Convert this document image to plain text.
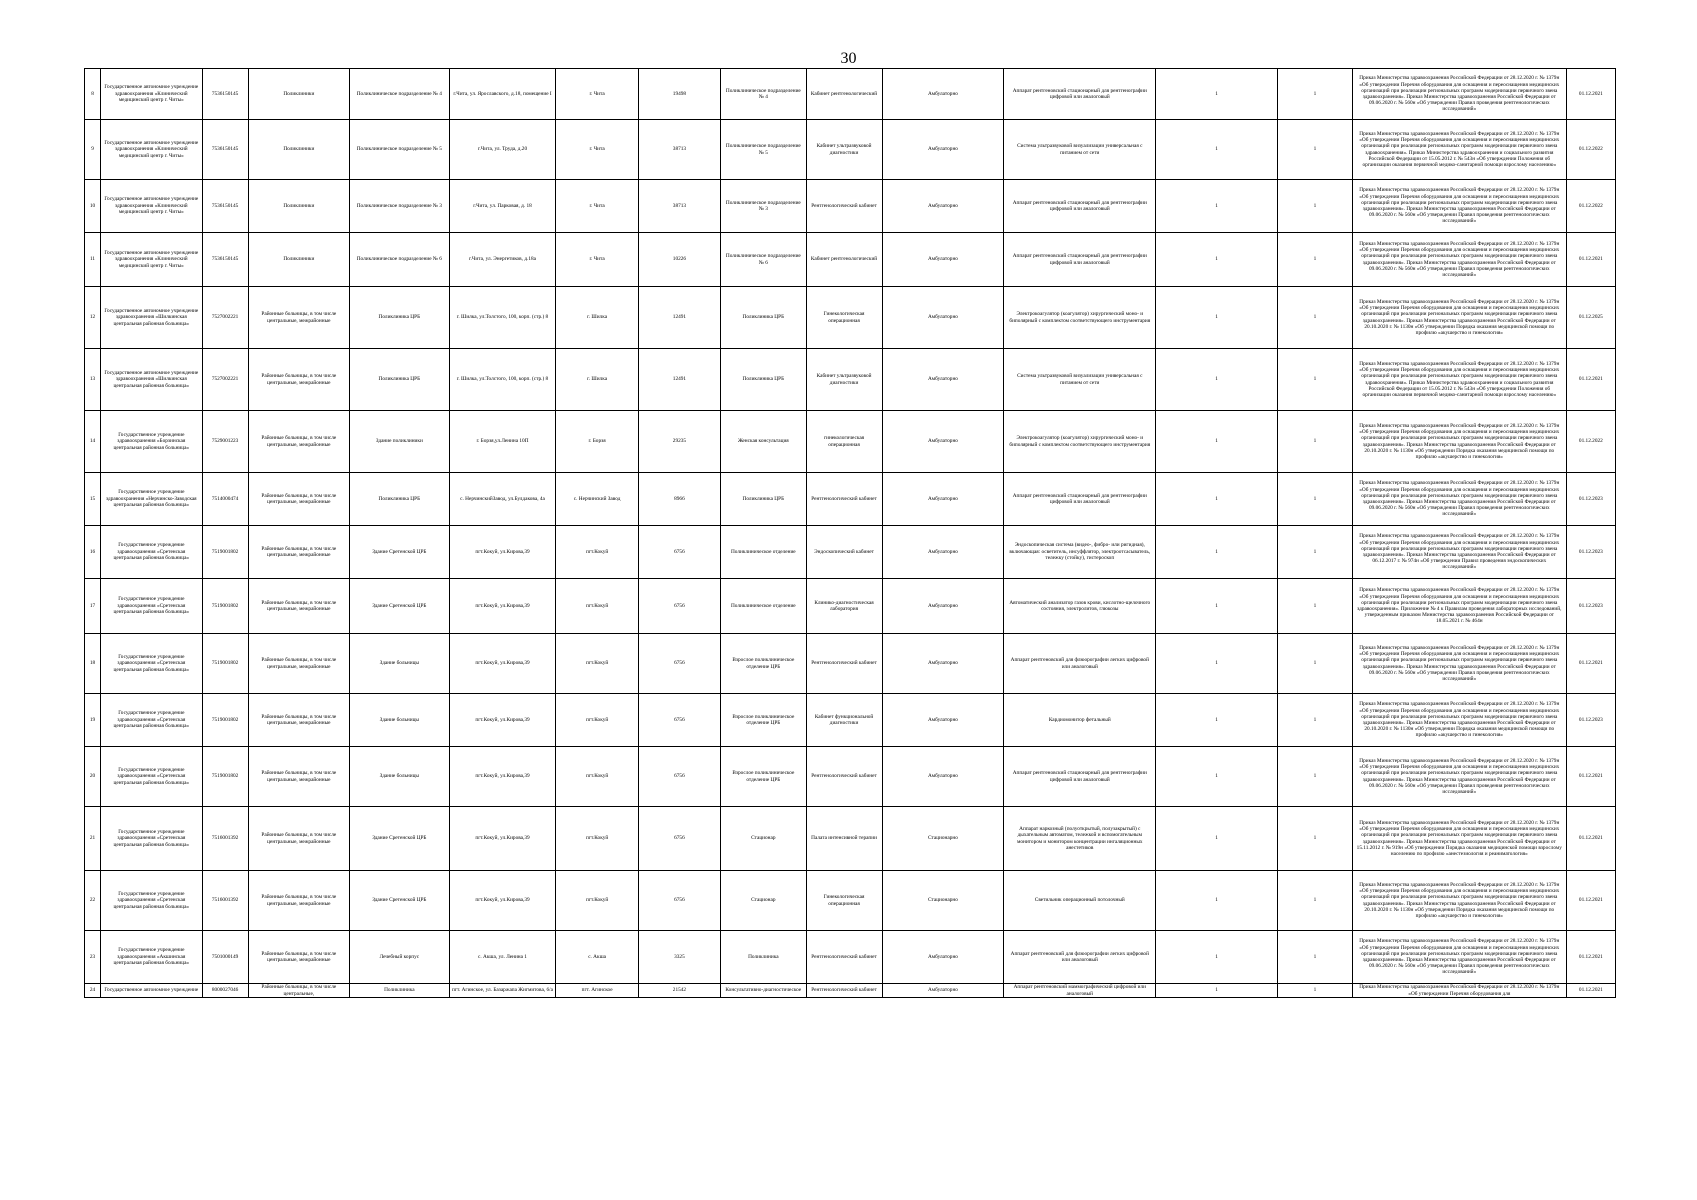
30
8	Государственное автономное учреждение здравоохранения «Клинический медицинский центр г. Читы»	7536150145	Поликлиники	Поликлиническое подразделение № 4	г.Чита, ул. Ярославского, д.18, помещение I	г. Чита	19498	Поликлиническое подразделение № 4	Кабинет рентгенологический	Амбулаторно	Аппарат рентгеновский стационарный для рентгенографии цифровой или аналоговый	1	1	Приказ Министерства здравоохранения Российской Федерации от 28.12.2020 г. № 1379н «Об утверждении Перечня оборудования для оснащения и переоснащения медицинских организаций при реализации региональных программ модернизации первичного звена здравоохранения». Приказ Министерства здравоохранения Российской Федерации от 09.06.2020 г. № 560н «Об утверждении Правил проведения рентгенологических исследований»	01.12.2021
9	Государственное автономное учреждение здравоохранения «Клинический медицинский центр г. Читы»	7536150145	Поликлиники	Поликлиническое подразделение № 5	г.Чита, ул. Труда, д.20	г. Чита	38713	Поликлиническое подразделение № 5	Кабинет ультразвуковой диагностики	Амбулаторно	Система ультразвуковой визуализации универсальная с питанием от сети	1	1	Приказ Министерства здравоохранения Российской Федерации от 28.12.2020 г. № 1379н «Об утверждении Перечня оборудования для оснащения и переоснащения медицинских организаций при реализации региональных программ модернизации первичного звена здравоохранения». Приказ Министерства здравоохранения и социального развития Российской Федерации от 15.05.2012 г. № 543н «Об утверждении Положения об организации оказания первичной медико-санитарной помощи взрослому населению»	01.12.2022
10	Государственное автономное учреждение здравоохранения «Клинический медицинский центр г. Читы»	7536150145	Поликлиники	Поликлиническое подразделение № 3	г.Чита, ул. Парковая, д. 18	г. Чита	38713	Поликлиническое подразделение № 3	Рентгенологический кабинет	Амбулаторно	Аппарат рентгеновский стационарный для рентгенографии цифровой или аналоговый	1	1	Приказ Министерства здравоохранения Российской Федерации от 28.12.2020 г. № 1379н «Об утверждении Перечня оборудования для оснащения и переоснащения медицинских организаций при реализации региональных программ модернизации первичного звена здравоохранения». Приказ Министерства здравоохранения Российской Федерации от 09.06.2020 г. № 560н «Об утверждении Правил проведения рентгенологических исследований»	01.12.2022
11	Государственное автономное учреждение здравоохранения «Клинический медицинский центр г. Читы»	7536150145	Поликлиники	Поликлиническое подразделение № 6	г.Чита, ул. Энергетиков, д.18а	г. Чита	10226	Поликлиническое подразделение № 6	Кабинет рентгенологический	Амбулаторно	Аппарат рентгеновский стационарный для рентгенографии цифровой или аналоговый	1	1	Приказ Министерства здравоохранения Российской Федерации от 28.12.2020 г. № 1379н «Об утверждении Перечня оборудования для оснащения и переоснащения медицинских организаций при реализации региональных программ модернизации первичного звена здравоохранения». Приказ Министерства здравоохранения Российской Федерации от 09.06.2020 г. № 560н «Об утверждении Правил проведения рентгенологических исследований»	01.12.2021
12	Государственное автономное учреждение здравоохранения «Шилкинская центральная районная больница»	7527002221	Районные больницы, в том числе центральные, межрайонные	Поликлиника ЦРБ	г. Шилка, ул.Толстого, 100, корп. (стр.) 8	г. Шилка	12491	Поликлиника ЦРБ	Гинекологическая операционная	Амбулаторно	Электрокоагулятор (коагулятор) хирургический моно- и биполярный с комплектом соответствующего инструментария	1	1	Приказ Министерства здравоохранения Российской Федерации от 28.12.2020 г. № 1379н «Об утверждении Перечня оборудования для оснащения и переоснащения медицинских организаций при реализации региональных программ модернизации первичного звена здравоохранения». Приказ Министерства здравоохранения Российской Федерации от 20.10.2020 г. № 1130н «Об утверждении Порядка оказания медицинской помощи по профилю «акушерство и гинекология»	01.12.2025
13	Государственное автономное учреждение здравоохранения «Шилкинская центральная районная больница»	7527002221	Районные больницы, в том числе центральные, межрайонные	Поликлиника ЦРБ	г. Шилка, ул.Толстого, 100, корп. (стр.) 8	г. Шилка	12491	Поликлиника ЦРБ	Кабинет ультразвуковой диагностики	Амбулаторно	Система ультразвуковой визуализации универсальная с питанием от сети	1	1	Приказ Министерства здравоохранения Российской Федерации от 28.12.2020 г. № 1379н «Об утверждении Перечня оборудования для оснащения и переоснащения медицинских организаций при реализации региональных программ модернизации первичного звена здравоохранения». Приказ Министерства здравоохранения и социального развития Российской Федерации от 15.05.2012 г. № 543н «Об утверждении Положения об организации оказания первичной медико-санитарной помощи взрослому населению»	01.12.2021
14	Государственное учреждение здравоохранения «Борзинская центральная районная больница»	7529001223	Районные больницы, в том числе центральные, межрайонные	Здание поликлиники	г. Борзя,ул.Ленина 10П	г. Борзя	29235	Женская консультация	гинекологическая операционная	Амбулаторно	Электрокоагулятор (коагулятор) хирургический моно- и биполярный с комплектом соответствующего инструментария	1	1	Приказ Министерства здравоохранения Российской Федерации от 28.12.2020 г. № 1379н «Об утверждении Перечня оборудования для оснащения и переоснащения медицинских организаций при реализации региональных программ модернизации первичного звена здравоохранения». Приказ Министерства здравоохранения Российской Федерации от 20.10.2020 г. № 1130н «Об утверждении Порядка оказания медицинской помощи по профилю «акушерство и гинекология»	01.12.2022
15	Государственное учреждение здравоохранения «Нерчинско-Заводская центральная районная больница»	7514000474	Районные больницы, в том числе центральные, межрайонные	Поликлиника ЦРБ	с. НерчинскийЗавод, ул.Булдакова, 4а	с. Нерчинский Завод	8966	Поликлиника ЦРБ	Рентгенологический кабинет	Амбулаторно	Аппарат рентгеновский стационарный для рентгенографии цифровой или аналоговый	1	1	Приказ Министерства здравоохранения Российской Федерации от 28.12.2020 г. № 1379н «Об утверждении Перечня оборудования для оснащения и переоснащения медицинских организаций при реализации региональных программ модернизации первичного звена здравоохранения». Приказ Министерства здравоохранения Российской Федерации от 09.06.2020 г. № 560н «Об утверждении Правил проведения рентгенологических исследований»	01.12.2023
16	Государственное учреждение здравоохранения «Сретенская центральная районная больница»	7519001802	Районные больницы, в том числе центральные, межрайонные	Здание Сретенской ЦРБ	пгт.Кокуй, ул.Кирова,39	пгт.Кокуй	6756	Поликлиническое отделение	Эндоскопический кабинет	Амбулаторно	Эндоскопическая система (видео-, фибро- или ригидная), включающая: осветитель, инсуффлятор, электроотсасыватель, тележку (стойку), гистероскоп	1	1	Приказ Министерства здравоохранения Российской Федерации от 28.12.2020 г. № 1379н «Об утверждении Перечня оборудования для оснащения и переоснащения медицинских организаций при реализации региональных программ модернизации первичного звена здравоохранения». Приказ Министерства здравоохранения Российской Федерации от 06.12.2017 г. № 974н «Об утверждении Правил проведения эндоскопических исследований»	01.12.2023
17	Государственное учреждение здравоохранения «Сретенская центральная районная больница»	7519001802	Районные больницы, в том числе центральные, межрайонные	Здание Сретенской ЦРБ	пгт.Кокуй, ул.Кирова,39	пгт.Кокуй	6756	Поликлиническое отделение	Клинико-диагностическая лаборатория	Амбулаторно	Автоматический анализатор газов крови, кислотно-щелочного состояния, электролитов, глюкозы	1	1	Приказ Министерства здравоохранения Российской Федерации от 28.12.2020 г. № 1379н «Об утверждении Перечня оборудования для оснащения и переоснащения медицинских организаций при реализации региональных программ модернизации первичного звена здравоохранения». Приложение № 4 к Правилам проведения лабораторных исследований, утвержденным приказом Министерства здравоохранения Российской Федерации от 18.05.2021 г. № 464н	01.12.2023
18	Государственное учреждение здравоохранения «Сретенская центральная районная больница»	7519001802	Районные больницы, в том числе центральные, межрайонные	Здание больницы	пгт.Кокуй, ул.Кирова,39	пгт.Кокуй	6756	Взрослое поликлиническое отделение ЦРБ	Рентгенологический кабинет	Амбулаторно	Аппарат рентгеновский для флюорографии легких цифровой или аналоговый	1	1	Приказ Министерства здравоохранения Российской Федерации от 28.12.2020 г. № 1379н «Об утверждении Перечня оборудования для оснащения и переоснащения медицинских организаций при реализации региональных программ модернизации первичного звена здравоохранения». Приказ Министерства здравоохранения Российской Федерации от 09.06.2020 г. № 560н «Об утверждении Правил проведения рентгенологических исследований»	01.12.2021
19	Государственное учреждение здравоохранения «Сретенская центральная районная больница»	7519001802	Районные больницы, в том числе центральные, межрайонные	Здание больницы	пгт.Кокуй, ул.Кирова,39	пгт.Кокуй	6756	Взрослое поликлиническое отделение ЦРБ	Кабинет функциональной диагностики	Амбулаторно	Кардиомонитор фетальный	1	1	Приказ Министерства здравоохранения Российской Федерации от 28.12.2020 г. № 1379н «Об утверждении Перечня оборудования для оснащения и переоснащения медицинских организаций при реализации региональных программ модернизации первичного звена здравоохранения». Приказ Министерства здравоохранения Российской Федерации от 20.10.2020 г. № 1130н «Об утверждении Порядка оказания медицинской помощи по профилю «акушерство и гинекология»	01.12.2023
20	Государственное учреждение здравоохранения «Сретенская центральная районная больница»	7519001802	Районные больницы, в том числе центральные, межрайонные	Здание больницы	пгт.Кокуй, ул.Кирова,39	пгт.Кокуй	6756	Взрослое поликлиническое отделение ЦРБ	Рентгенологический кабинет	Амбулаторно	Аппарат рентгеновский стационарный для рентгенографии цифровой или аналоговый	1	1	Приказ Министерства здравоохранения Российской Федерации от 28.12.2020 г. № 1379н «Об утверждении Перечня оборудования для оснащения и переоснащения медицинских организаций при реализации региональных программ модернизации первичного звена здравоохранения». Приказ Министерства здравоохранения Российской Федерации от 09.06.2020 г. № 560н «Об утверждении Правил проведения рентгенологических исследований»	01.12.2021
21	Государственное учреждение здравоохранения «Сретенская центральная районная больница»	7516001392	Районные больницы, в том числе центральные, межрайонные	Здание Сретенской ЦРБ	пгт.Кокуй, ул.Кирова,39	пгт.Кокуй	6756	Стационар	Палата интенсивной терапии	Стационарно	Аппарат наркозный (полуоткрытый, полузакрытый) с дыхательным автоматом, тележкой и вспомогательным монитором и монитором концентрации ингаляционных анестетиков	1	1	Приказ Министерства здравоохранения Российской Федерации от 28.12.2020 г. № 1379н «Об утверждении Перечня оборудования для оснащения и переоснащения медицинских организаций при реализации региональных программ модернизации первичного звена здравоохранения». Приказ Министерства здравоохранения Российской Федерации от 15.11.2012 г. № 919н «Об утверждении Порядка оказания медицинской помощи взрослому населению по профилю «анестезиология и реаниматология»	01.12.2021
22	Государственное учреждение здравоохранения «Сретенская центральная районная больница»	7516001392	Районные больницы, в том числе центральные, межрайонные	Здание Сретенской ЦРБ	пгт.Кокуй, ул.Кирова,39	пгт.Кокуй	6756	Стационар	Гинекологическая операционная	Стационарно	Светильник операционный потолочный	1	1	Приказ Министерства здравоохранения Российской Федерации от 28.12.2020 г. № 1379н «Об утверждении Перечня оборудования для оснащения и переоснащения медицинских организаций при реализации региональных программ модернизации первичного звена здравоохранения». Приказ Министерства здравоохранения Российской Федерации от 20.10.2020 г. № 1130н «Об утверждении Порядка оказания медицинской помощи по профилю «акушерство и гинекология»	01.12.2021
23	Государственное учреждение здравоохранения «Акшинская центральная районная больница»	7501000149	Районные больницы, в том числе центральные, межрайонные	Лечебный корпус	с. Акша, ул. Ленина 1	с. Акша	3325	Поликлиника	Рентгенологический кабинет	Амбулаторно	Аппарат рентгеновский для флюорографии легких цифровой или аналоговый	1	1	Приказ Министерства здравоохранения Российской Федерации от 28.12.2020 г. № 1379н «Об утверждении Перечня оборудования для оснащения и переоснащения медицинских организаций при реализации региональных программ модернизации первичного звена здравоохранения». Приказ Министерства здравоохранения Российской Федерации от 09.06.2020 г. № 560н «Об утверждении Правил проведения рентгенологических исследований»	01.12.2021
24	Государственное автономное учреждение	8000027046	Районные больницы, в том числе центральные,	Поликлиника	пгт. Агинское, ул. Базаржапа Жигмитова, 6/а	пгт. Агинское	21542	Консультативно-диагностическое	Рентгенологический кабинет	Амбулаторно	Аппарат рентгеновский маммографический цифровой или аналоговый	1	1	Приказ Министерства здравоохранения Российской Федерации от 28.12.2020 г. № 1379н «Об утверждении Перечня оборудования для	01.12.2021
